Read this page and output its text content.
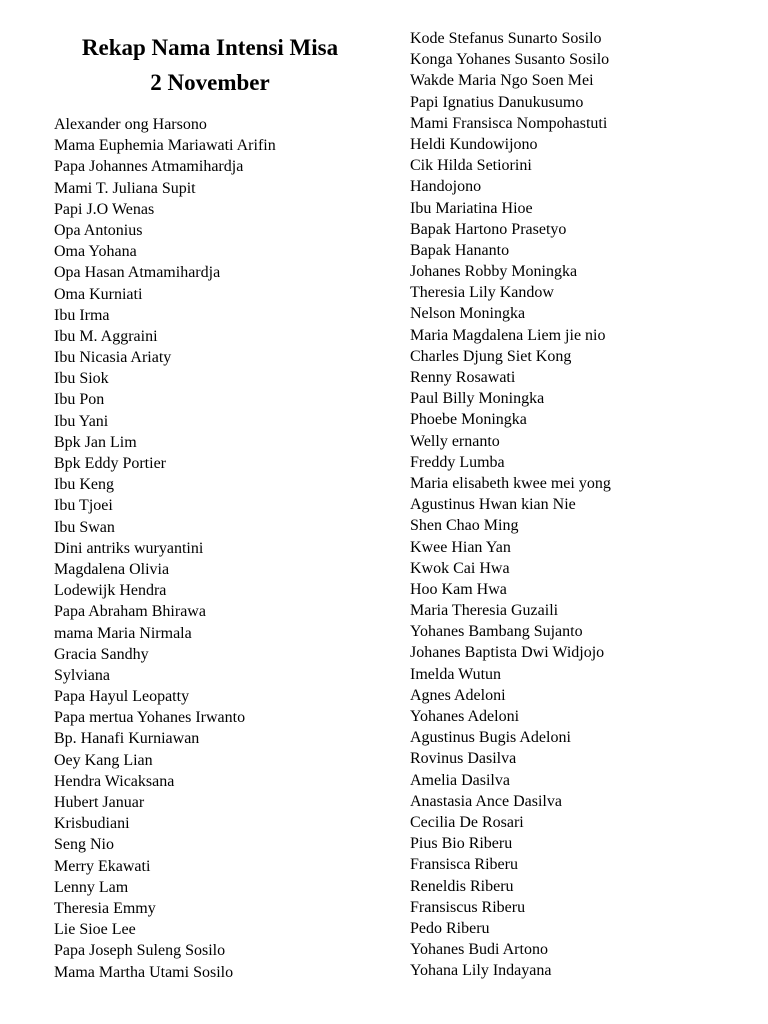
Rekap Nama Intensi Misa
2 November
Alexander ong Harsono
Mama Euphemia Mariawati Arifin
Papa Johannes Atmamihardja
Mami T. Juliana Supit
Papi J.O Wenas
Opa Antonius
Oma Yohana
Opa Hasan Atmamihardja
Oma Kurniati
Ibu Irma
Ibu M. Aggraini
Ibu Nicasia Ariaty
Ibu Siok
Ibu Pon
Ibu Yani
Bpk Jan Lim
Bpk Eddy Portier
Ibu Keng
Ibu Tjoei
Ibu Swan
Dini antriks wuryantini
Magdalena Olivia
Lodewijk Hendra
Papa Abraham Bhirawa
mama Maria Nirmala
Gracia Sandhy
Sylviana
Papa Hayul Leopatty
Papa mertua Yohanes Irwanto
Bp. Hanafi Kurniawan
Oey Kang Lian
Hendra Wicaksana
Hubert Januar
Krisbudiani
Seng Nio
Merry Ekawati
Lenny Lam
Theresia Emmy
Lie Sioe Lee
Papa Joseph Suleng Sosilo
Mama Martha Utami Sosilo
Kode Stefanus Sunarto Sosilo
Konga Yohanes Susanto Sosilo
Wakde Maria Ngo Soen Mei
Papi Ignatius Danukusumo
Mami Fransisca Nompohastuti
Heldi Kundowijono
Cik Hilda Setiorini
Handojono
Ibu Mariatina Hioe
Bapak Hartono Prasetyo
Bapak Hananto
Johanes Robby Moningka
Theresia Lily Kandow
Nelson Moningka
Maria Magdalena Liem jie nio
Charles Djung Siet Kong
Renny Rosawati
Paul Billy Moningka
Phoebe Moningka
Welly ernanto
Freddy Lumba
Maria elisabeth kwee mei yong
Agustinus Hwan kian Nie
Shen Chao Ming
Kwee Hian Yan
Kwok Cai Hwa
Hoo Kam Hwa
Maria Theresia Guzaili
Yohanes Bambang Sujanto
Johanes Baptista Dwi Widjojo
Imelda Wutun
Agnes Adeloni
Yohanes Adeloni
Agustinus Bugis Adeloni
Rovinus Dasilva
Amelia Dasilva
Anastasia Ance Dasilva
Cecilia De Rosari
Pius Bio Riberu
Fransisca Riberu
Reneldis Riberu
Fransiscus Riberu
Pedo Riberu
Yohanes Budi Artono
Yohana Lily Indayana
